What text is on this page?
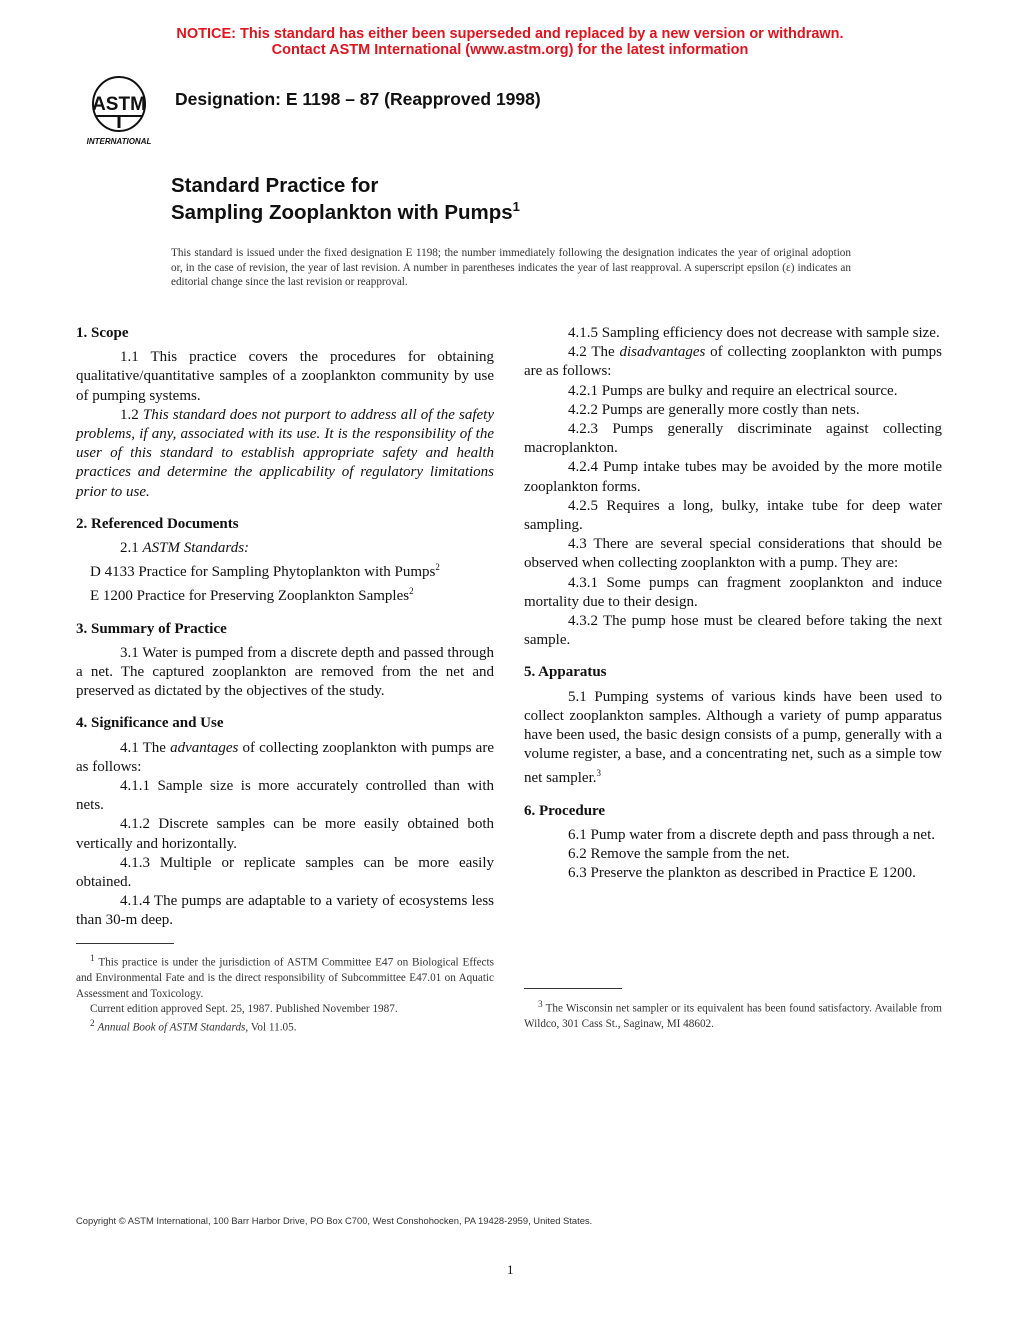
NOTICE: This standard has either been superseded and replaced by a new version or withdrawn.
Contact ASTM International (www.astm.org) for the latest information
ASTM
INTERNATIONAL
Designation: E 1198 – 87 (Reapproved 1998)
Standard Practice for
Sampling Zooplankton with Pumps$^1$
This standard is issued under the fixed designation E 1198; the number immediately following the designation indicates the year of original adoption or, in the case of revision, the year of last revision. A number in parentheses indicates the year of last reapproval. A superscript epsilon (ε) indicates an editorial change since the last revision or reapproval.
1. Scope

1.1 This practice covers the procedures for obtaining qualitative/quantitative samples of a zooplankton community by use of pumping systems.

1.2 This standard does not purport to address all of the safety problems, if any, associated with its use. It is the responsibility of the user of this standard to establish appropriate safety and health practices and determine the applicability of regulatory limitations prior to use.

2. Referenced Documents

2.1 ASTM Standards:

D 4133 Practice for Sampling Phytoplankton with Pumps$^2$

E 1200 Practice for Preserving Zooplankton Samples$^2$

3. Summary of Practice

3.1 Water is pumped from a discrete depth and passed through a net. The captured zooplankton are removed from the net and preserved as dictated by the objectives of the study.

4. Significance and Use

4.1 The advantages of collecting zooplankton with pumps are as follows:

4.1.1 Sample size is more accurately controlled than with nets.

4.1.2 Discrete samples can be more easily obtained both vertically and horizontally.

4.1.3 Multiple or replicate samples can be more easily obtained.

4.1.4 The pumps are adaptable to a variety of ecosystems less than 30-m deep.

4.1.5 Sampling efficiency does not decrease with sample size.

4.2 The disadvantages of collecting zooplankton with pumps are as follows:

4.2.1 Pumps are bulky and require an electrical source.

4.2.2 Pumps are generally more costly than nets.

4.2.3 Pumps generally discriminate against collecting macroplankton.

4.2.4 Pump intake tubes may be avoided by the more motile zooplankton forms.

4.2.5 Requires a long, bulky, intake tube for deep water sampling.

4.3 There are several special considerations that should be observed when collecting zooplankton with a pump. They are:

4.3.1 Some pumps can fragment zooplankton and induce mortality due to their design.

4.3.2 The pump hose must be cleared before taking the next sample.

5. Apparatus

5.1 Pumping systems of various kinds have been used to collect zooplankton samples. Although a variety of pump apparatus have been used, the basic design consists of a pump, generally with a volume register, a base, and a concentrating net, such as a simple tow net sampler.$^3$

6. Procedure

6.1 Pump water from a discrete depth and pass through a net.

6.2 Remove the sample from the net.

6.3 Preserve the plankton as described in Practice E 1200.

$^1$ This practice is under the jurisdiction of ASTM Committee E47 on Biological Effects and Environmental Fate and is the direct responsibility of Subcommittee E47.01 on Aquatic Assessment and Toxicology.

Current edition approved Sept. 25, 1987. Published November 1987.

$^2$ Annual Book of ASTM Standards, Vol 11.05.

$^3$ The Wisconsin net sampler or its equivalent has been found satisfactory. Available from Wildco, 301 Cass St., Saginaw, MI 48602.

Copyright © ASTM International, 100 Barr Harbor Drive, PO Box C700, West Conshohocken, PA 19428-2959, United States.
1
